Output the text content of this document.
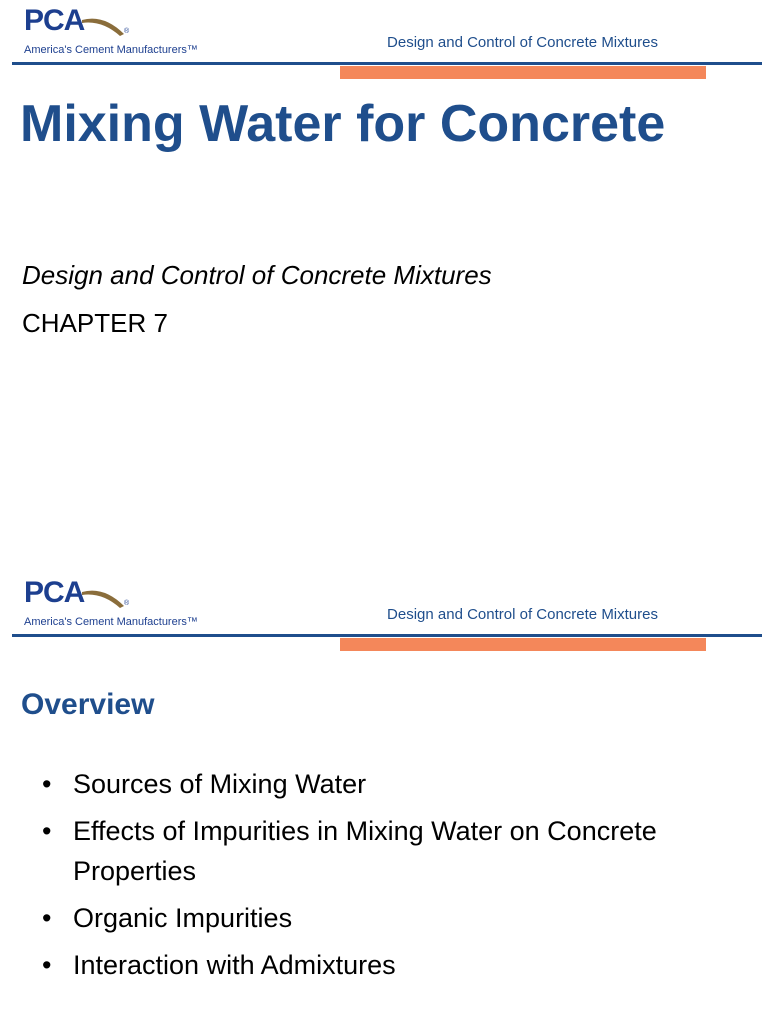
PCA	®
America's Cement Manufacturers™	Design and Control of Concrete Mixtures
Mixing Water for Concrete
Design and Control of Concrete Mixtures
CHAPTER 7
PCA	®
America's Cement Manufacturers™	Design and Control of Concrete Mixtures
Overview
• Sources of Mixing Water
• Effects of Impurities in Mixing Water on Concrete Properties
• Organic Impurities
• Interaction with Admixtures
